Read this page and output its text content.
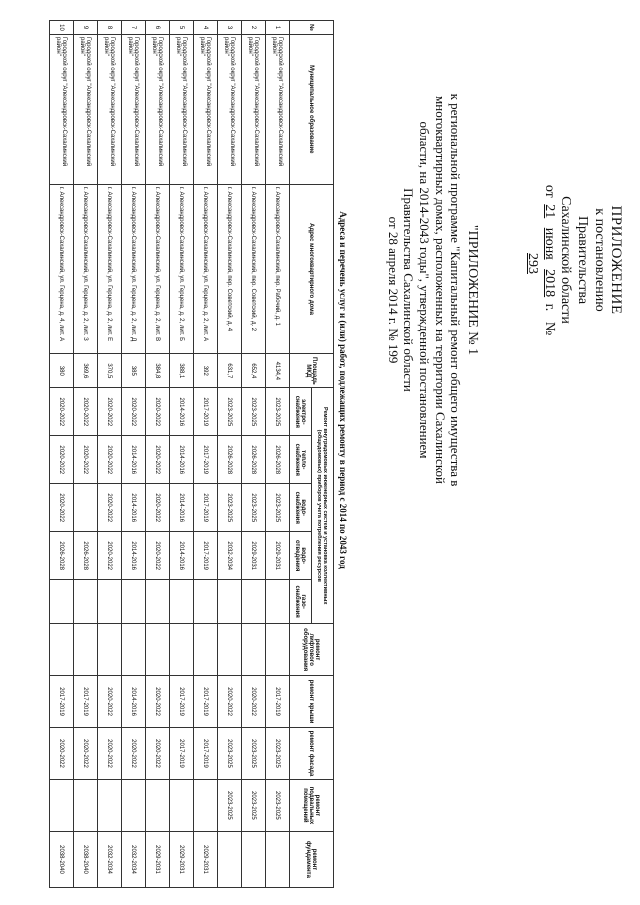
ПРИЛОЖЕНИЕ
к постановлению Правительства
Сахалинской области
от 21 июня 2018 г.   №   293
"ПРИЛОЖЕНИЕ № 1
к региональной программе "Капитальный ремонт общего имущества в
многоквартирных домах, расположенных на территории Сахалинской
области, на 2014-2043 годы", утвержденной постановлением
Правительства Сахалинской области
от 28 апреля 2014 г. № 199
Адреса и перечень услуг и (или) работ, подлежащих ремонту в период с 2014 по 2043 год
№	Муниципальное образование	Адрес многоквартирного дома	Площадь МКД	Ремонт внутридомовых инженерных систем и установка коллективных (общедомовых) приборов учета потребления ресурсов					ремонт лифтового оборудования	ремонт крыши	ремонт фасада	ремонт подвальных помещений	ремонт фундамента
				электро-снабжения	тепло-снабжения	водо-снабжения	водо-отведения	газо-снабжения					
1	Городской округ "Александровск-Сахалинский район"	г. Александровск-Сахалинский, пер. Рабочий, д. 1	4134,4	2023-2025	2026-2028	2023-2025	2029-2031			2017-2019	2023-2025	2023-2025	
2	Городской округ "Александровск-Сахалинский район"	г. Александровск-Сахалинский, пер. Советский, д. 2	652,4	2023-2025	2026-2028	2023-2025	2029-2031			2020-2022	2023-2025	2023-2025	
3	Городской округ "Александровск-Сахалинский район"	г. Александровск-Сахалинский, пер. Советский, д. 4	631,7	2023-2025	2026-2028	2023-2025	2032-2034			2020-2022	2023-2025	2023-2025	
4	Городской округ "Александровск-Сахалинский район"	г. Александровск-Сахалинский, ул. Герцена, д. 2, лит. А	392	2017-2019	2017-2019	2017-2019	2017-2019			2017-2019	2017-2019		2029-2031
5	Городской округ "Александровск-Сахалинский район"	г. Александровск-Сахалинский, ул. Герцена, д. 2, лит. Б	388,1	2014-2016	2014-2016	2014-2016	2014-2016			2017-2019	2017-2019		2029-2031
6	Городской округ "Александровск-Сахалинский район"	г. Александровск-Сахалинский, ул. Герцена, д. 2, лит. В	384,8	2020-2022	2020-2022	2020-2022	2020-2022			2020-2022	2020-2022		2029-2031
7	Городской округ "Александровск-Сахалинский район"	г. Александровск-Сахалинский, ул. Герцена, д. 2, лит. Д	385	2020-2022	2014-2016	2014-2016	2014-2016			2014-2016	2020-2022		2032-2034
8	Городской округ "Александровск-Сахалинский район"	г. Александровск-Сахалинский, ул. Герцена, д. 2, лит. Е	370,5	2020-2022	2020-2022	2020-2022	2020-2022			2020-2022	2020-2022		2032-2034
9	Городской округ "Александровск-Сахалинский район"	г. Александровск-Сахалинский, ул. Герцена, д. 2, лит. З	369,6	2020-2022	2020-2022		2026-2028			2017-2019	2020-2022		2038-2040
10	Городской округ "Александровск-Сахалинский район"	г. Александровск-Сахалинский, ул. Герцена, д. 4, лит. А	380	2020-2022	2020-2022	2020-2022	2026-2028			2017-2019	2020-2022		2038-2040
